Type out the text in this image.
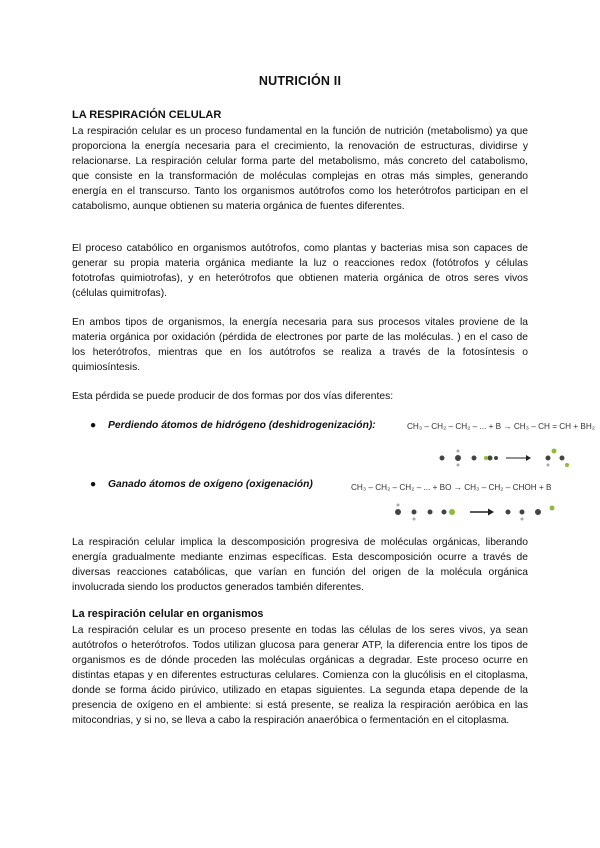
NUTRICIÓN II
LA RESPIRACIÓN CELULAR

La respiración celular es un proceso fundamental en la función de nutrición (metabolismo) ya que proporciona la energía necesaria para el crecimiento, la renovación de estructuras, dividirse y relacionarse. La respiración celular forma parte del metabolismo, más concreto del catabolismo, que consiste en la transformación de moléculas complejas en otras más simples, generando energía en el transcurso. Tanto los organismos autótrofos como los heterótrofos participan en el catabolismo, aunque obtienen su materia orgánica de fuentes diferentes.

El proceso catabólico en organismos autótrofos, como plantas y bacterias misa son capaces de generar su propia materia orgánica mediante la luz o reacciones redox (fotótrofos y células fototrofas quimiotrofas), y en heterótrofos que obtienen materia orgánica de otros seres vivos (células quimitrofas).

En ambos tipos de organismos, la energía necesaria para sus procesos vitales proviene de la materia orgánica por oxidación (pérdida de electrones por parte de las moléculas. ) en el caso de los heterótrofos, mientras que en los autótrofos se realiza a través de la fotosíntesis o quimiosíntesis.

Esta pérdida se puede producir de dos formas por dos vías diferentes:

● Perdiendo átomos de hidrógeno (deshidrogenización):	CH₃ – CH₂ – CH₂ – ... + B → CH₃ – CH = CH + BH₂
● Ganado átomos de oxígeno (oxigenación)	CH₃ – CH₂ – CH₂ – ... + BO → CH₃ – CH₂ – CHOH + B

La respiración celular implica la descomposición progresiva de moléculas orgánicas, liberando energía gradualmente mediante enzimas específicas. Esta descomposición ocurre a través de diversas reacciones catabólicas, que varían en función del origen de la molécula orgánica involucrada siendo los productos generados también diferentes.

La respiración celular en organismos

La respiración celular es un proceso presente en todas las células de los seres vivos, ya sean autótrofos o heterótrofos. Todos utilizan glucosa para generar ATP, la diferencia entre los tipos de organismos es de dónde proceden las moléculas orgánicas a degradar. Este proceso ocurre en distintas etapas y en diferentes estructuras celulares. Comienza con la glucólisis en el citoplasma, donde se forma ácido pirúvico, utilizado en etapas siguientes. La segunda etapa depende de la presencia de oxígeno en el ambiente: si está presente, se realiza la respiración aeróbica en las mitocondrias, y si no, se lleva a cabo la respiración anaeróbica o fermentación en el citoplasma.
